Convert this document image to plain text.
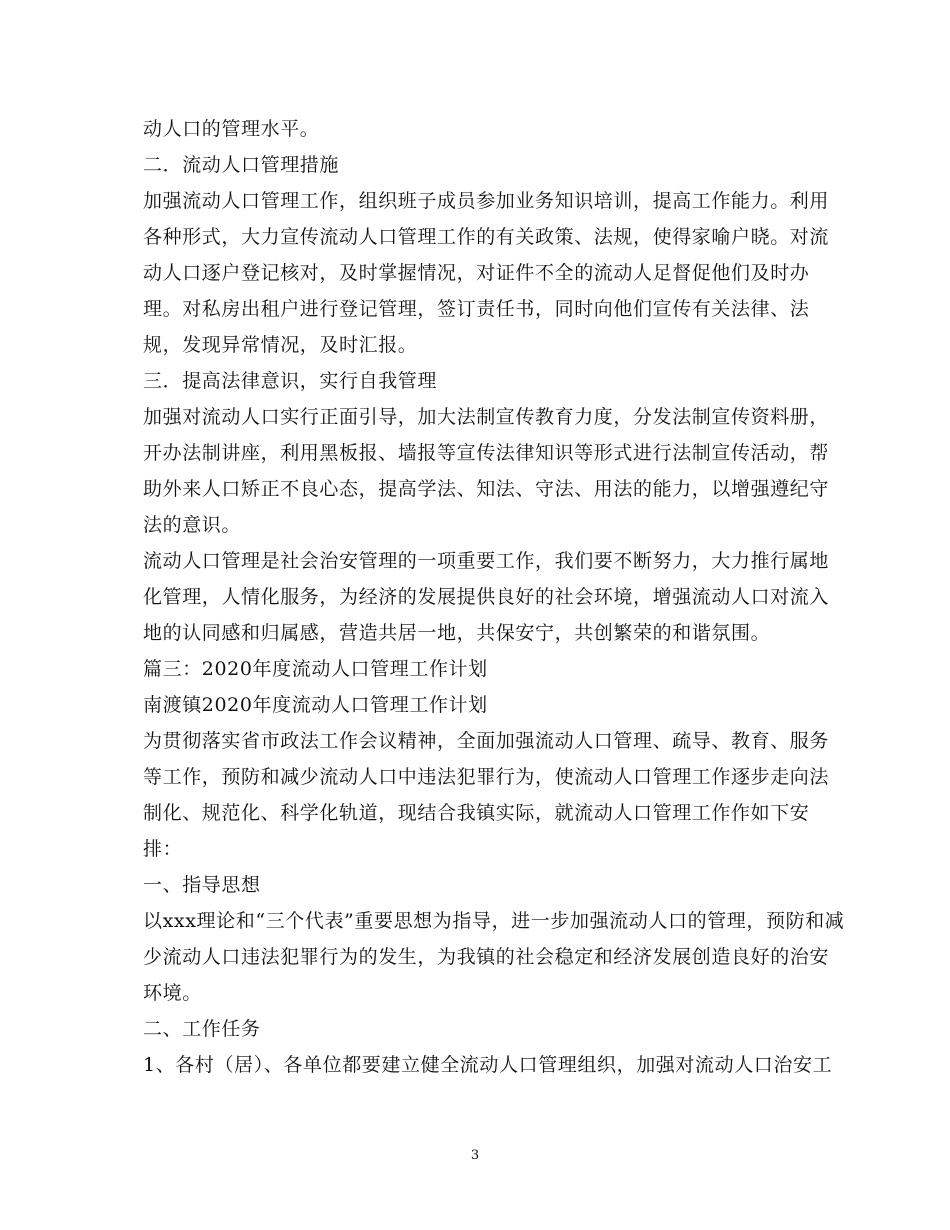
动人口的管理水平。
二．流动人口管理措施
加强流动人口管理工作，组织班子成员参加业务知识培训，提高工作能力。利用
各种形式，大力宣传流动人口管理工作的有关政策、法规，使得家喻户晓。对流
动人口逐户登记核对，及时掌握情况，对证件不全的流动人足督促他们及时办
理。对私房出租户进行登记管理，签订责任书，同时向他们宣传有关法律、法
规，发现异常情况，及时汇报。
三．提高法律意识，实行自我管理
加强对流动人口实行正面引导，加大法制宣传教育力度，分发法制宣传资料册，
开办法制讲座，利用黑板报、墙报等宣传法律知识等形式进行法制宣传活动，帮
助外来人口矫正不良心态，提高学法、知法、守法、用法的能力，以增强遵纪守
法的意识。
流动人口管理是社会治安管理的一项重要工作，我们要不断努力，大力推行属地
化管理，人情化服务，为经济的发展提供良好的社会环境，增强流动人口对流入
地的认同感和归属感，营造共居一地，共保安宁，共创繁荣的和谐氛围。
篇三：2020年度流动人口管理工作计划
南渡镇2020年度流动人口管理工作计划
为贯彻落实省市政法工作会议精神，全面加强流动人口管理、疏导、教育、服务
等工作，预防和减少流动人口中违法犯罪行为，使流动人口管理工作逐步走向法
制化、规范化、科学化轨道，现结合我镇实际，就流动人口管理工作作如下安
排：
一、指导思想
以xxx理论和“三个代表”重要思想为指导，进一步加强流动人口的管理，预防和减
少流动人口违法犯罪行为的发生，为我镇的社会稳定和经济发展创造良好的治安
环境。
二、工作任务
1、各村（居）、各单位都要建立健全流动人口管理组织，加强对流动人口治安工
3
